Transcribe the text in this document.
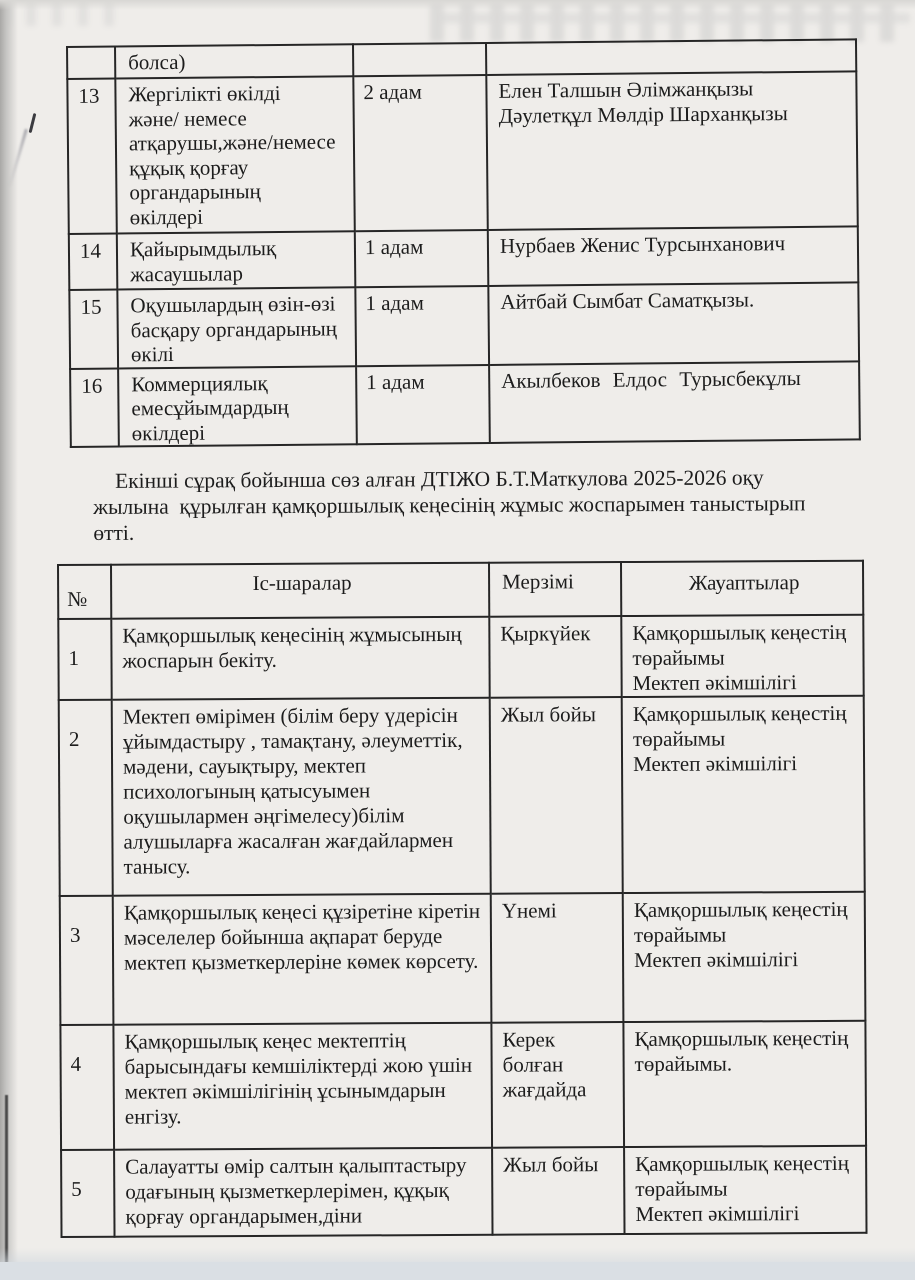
	болса)		
13	Жергілікті өкілді
және/ немесе
атқарушы,және/немесе
құқық қорғау
органдарының
өкілдері	2 адам	Елен Талшын Әлімжанқызы
Дәулетқұл Мөлдір Шарханқызы
14	Қайырымдылық
жасаушылар	1 адам	Нурбаев Женис Турсынханович
15	Оқушылардың өзін-өзі
басқару органдарының
өкілі	1 адам	Айтбай Сымбат Саматқызы.
16	Коммерциялық
емесұйымдардың
өкілдері	1 адам	Акылбеков Елдос Турысбекұлы
Екінші сұрақ бойынша сөз алған ДТІЖО Б.Т.Маткулова 2025-2026 оқу жылына  құрылған қамқоршылық кеңесінің жұмыс жоспарымен таныстырып өтті.
№	Іс-шаралар	Мерзімі	Жауаптылар
1	Қамқоршылық кеңесінің жұмысының жоспарын бекіту.	Қыркүйек	Қамқоршылық кеңестің төрайымы
Мектеп әкімшілігі
2	Мектеп өмірімен (білім беру үдерісін ұйымдастыру , тамақтану, әлеуметтік, мәдени, сауықтыру, мектеп психологының қатысуымен оқушылармен әңгімелесу)білім алушыларға жасалған жағдайлармен танысу.	Жыл бойы	Қамқоршылық кеңестің төрайымы
Мектеп әкімшілігі
3	Қамқоршылық кеңесі құзіретіне кіретін мәселелер бойынша ақпарат беруде мектеп қызметкерлеріне көмек көрсету.	Үнемі	Қамқоршылық кеңестің төрайымы
Мектеп әкімшілігі
4	Қамқоршылық кеңес мектептің барысындағы кемшіліктерді жою үшін мектеп әкімшілігінің ұсынымдарын енгізу.	Керек болған жағдайда	Қамқоршылық кеңестің төрайымы.
5	Салауатты өмір салтын қалыптастыру одағының қызметкерлерімен, құқық қорғау органдарымен,діни	Жыл бойы	Қамқоршылық кеңестің төрайымы
Мектеп әкімшілігі
